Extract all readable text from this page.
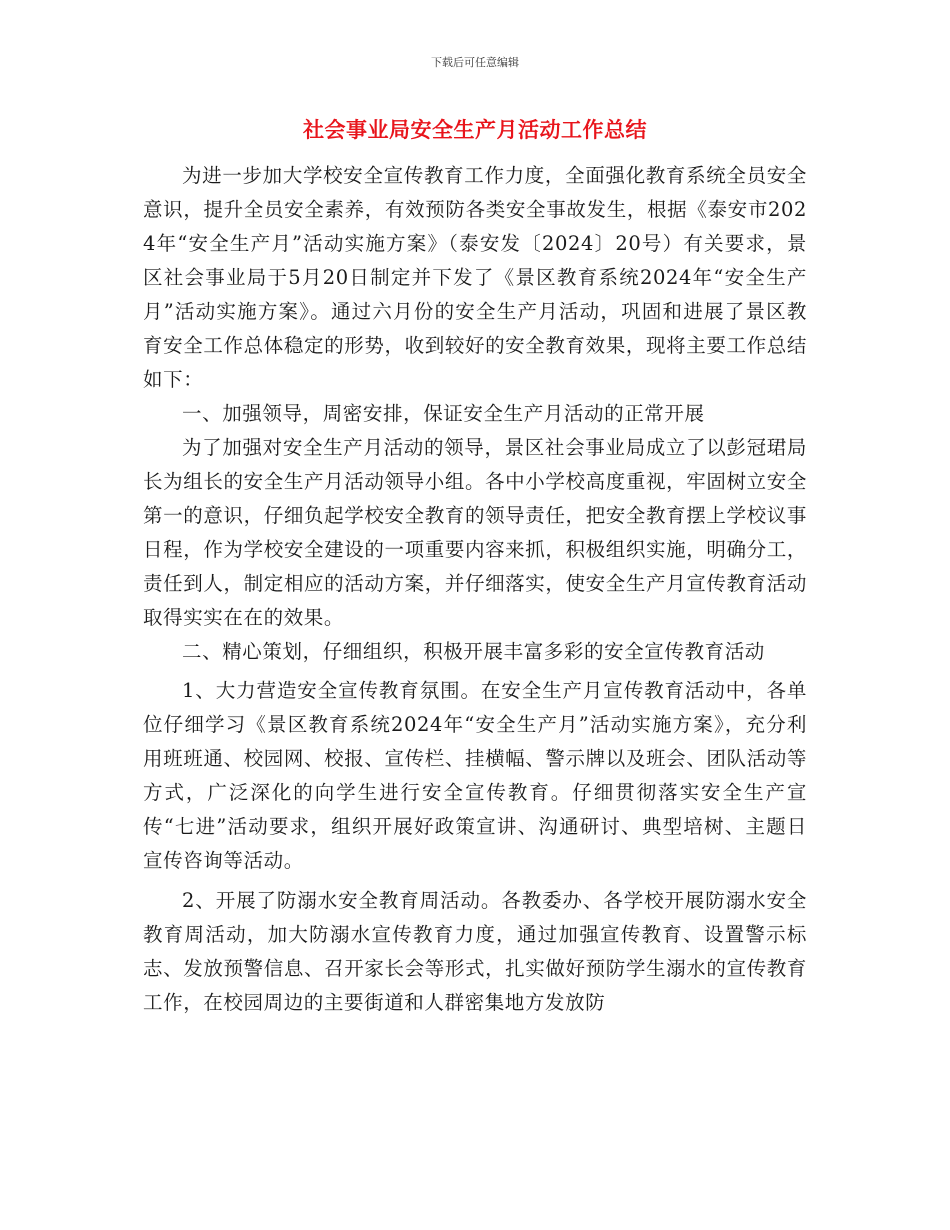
下载后可任意编辑
社会事业局安全生产月活动工作总结

为进一步加大学校安全宣传教育工作力度，全面强化教育系统全员安全意识，提升全员安全素养，有效预防各类安全事故发生，根据《泰安市2024年“安全生产月”活动实施方案》（泰安发〔2024〕20号）有关要求，景区社会事业局于5月20日制定并下发了《景区教育系统2024年“安全生产月”活动实施方案》。通过六月份的安全生产月活动，巩固和进展了景区教育安全工作总体稳定的形势，收到较好的安全教育效果，现将主要工作总结如下：

一、加强领导，周密安排，保证安全生产月活动的正常开展

为了加强对安全生产月活动的领导，景区社会事业局成立了以彭冠珺局长为组长的安全生产月活动领导小组。各中小学校高度重视，牢固树立安全第一的意识，仔细负起学校安全教育的领导责任，把安全教育摆上学校议事日程，作为学校安全建设的一项重要内容来抓，积极组织实施，明确分工，责任到人，制定相应的活动方案，并仔细落实，使安全生产月宣传教育活动取得实实在在的效果。

二、精心策划，仔细组织，积极开展丰富多彩的安全宣传教育活动

1、大力营造安全宣传教育氛围。在安全生产月宣传教育活动中，各单位仔细学习《景区教育系统2024年“安全生产月”活动实施方案》，充分利用班班通、校园网、校报、宣传栏、挂横幅、警示牌以及班会、团队活动等方式，广泛深化的向学生进行安全宣传教育。仔细贯彻落实安全生产宣传“七进”活动要求，组织开展好政策宣讲、沟通研讨、典型培树、主题日宣传咨询等活动。

2、开展了防溺水安全教育周活动。各教委办、各学校开展防溺水安全教育周活动，加大防溺水宣传教育力度，通过加强宣传教育、设置警示标志、发放预警信息、召开家长会等形式，扎实做好预防学生溺水的宣传教育工作，在校园周边的主要街道和人群密集地方发放防
